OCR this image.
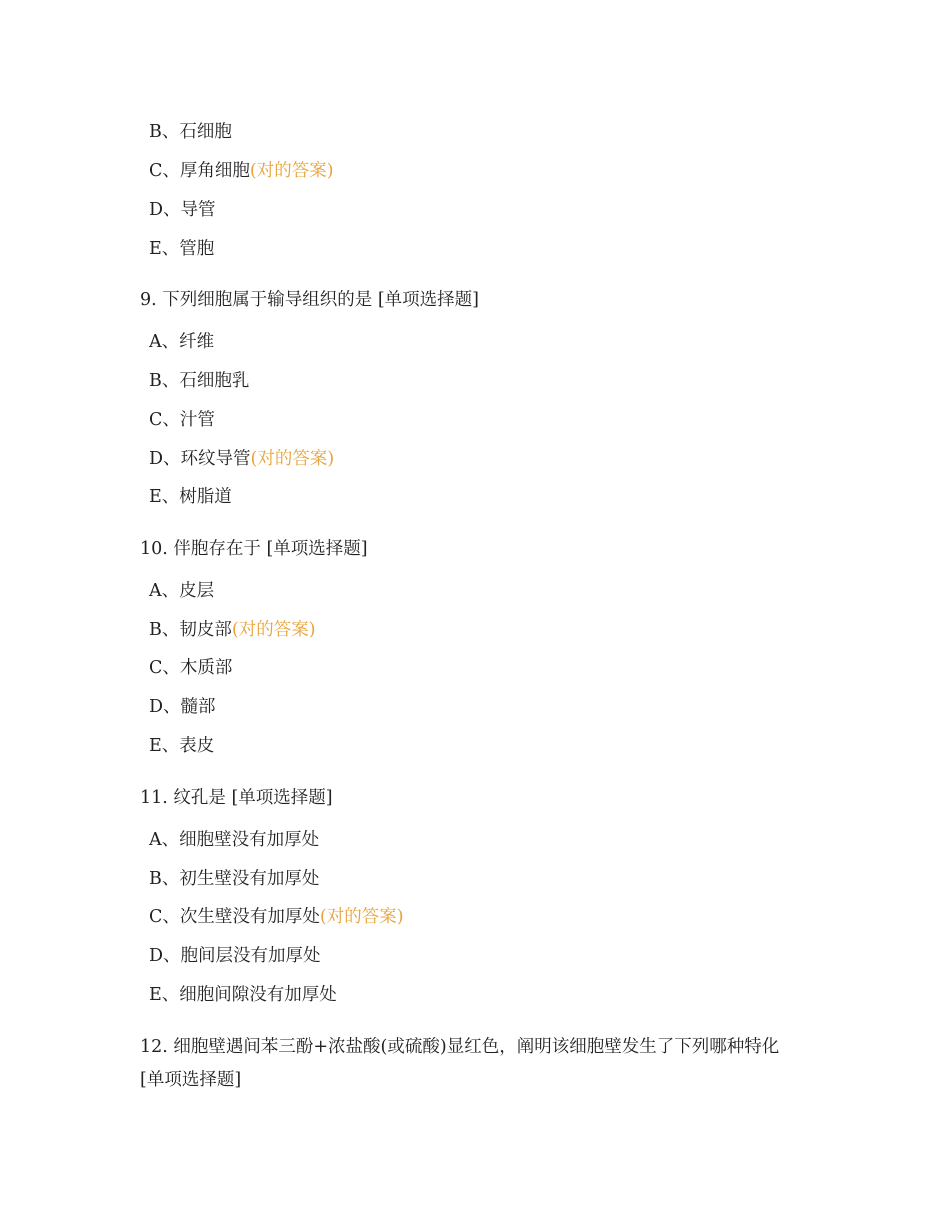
B、石细胞
C、厚角细胞(对的答案)
D、导管
E、管胞
9. 下列细胞属于输导组织的是 [单项选择题]
A、纤维
B、石细胞乳
C、汁管
D、环纹导管(对的答案)
E、树脂道
10. 伴胞存在于 [单项选择题]
A、皮层
B、韧皮部(对的答案)
C、木质部
D、髓部
E、表皮
11. 纹孔是 [单项选择题]
A、细胞壁没有加厚处
B、初生壁没有加厚处
C、次生壁没有加厚处(对的答案)
D、胞间层没有加厚处
E、细胞间隙没有加厚处
12. 细胞壁遇间苯三酚+浓盐酸(或硫酸)显红色，阐明该细胞壁发生了下列哪种特化
[单项选择题]
